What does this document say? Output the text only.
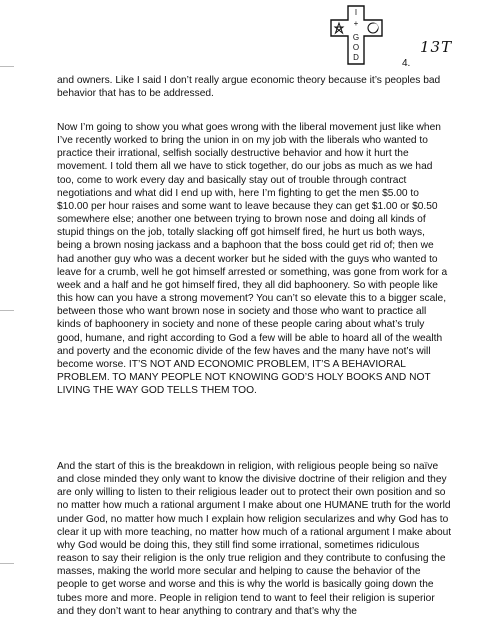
I + G O D
13T
4.

and owners. Like I said I don’t really argue economic theory because it’s peoples bad behavior that has to be addressed.

Now I’m going to show you what goes wrong with the liberal movement just like when I’ve recently worked to bring the union in on my job with the liberals who wanted to practice their irrational, selfish socially destructive behavior and how it hurt the movement. I told them all we have to stick together, do our jobs as much as we had too, come to work every day and basically stay out of trouble through contract negotiations and what did I end up with, here I’m fighting to get the men $5.00 to $10.00 per hour raises and some want to leave because they can get $1.00 or $0.50 somewhere else; another one between trying to brown nose and doing all kinds of stupid things on the job, totally slacking off got himself fired, he hurt us both ways, being a brown nosing jackass and a baphoon that the boss could get rid of; then we had another guy who was a decent worker but he sided with the guys who wanted to leave for a crumb, well he got himself arrested or something, was gone from work for a week and a half and he got himself fired, they all did baphoonery. So with people like this how can you have a strong movement? You can’t so elevate this to a bigger scale, between those who want brown nose in society and those who want to practice all kinds of baphoonery in society and none of these people caring about what’s truly good, humane, and right according to God a few will be able to hoard all of the wealth and poverty and the economic divide of the few haves and the many have not’s will become worse. IT’S NOT AND ECONOMIC PROBLEM, IT’S A BEHAVIORAL PROBLEM. TO MANY PEOPLE NOT KNOWING GOD’S HOLY BOOKS AND NOT LIVING THE WAY GOD TELLS THEM TOO.

And the start of this is the breakdown in religion, with religious people being so naïve and close minded they only want to know the divisive doctrine of their religion and they are only willing to listen to their religious leader out to protect their own position and so no matter how much a rational argument I make about one HUMANE truth for the world under God, no matter how much I explain how religion secularizes and why God has to clear it up with more teaching, no matter how much of a rational argument I make about why God would be doing this, they still find some irrational, sometimes ridiculous reason to say their religion is the only true religion and they contribute to confusing the masses, making the world more secular and helping to cause the behavior of the people to get worse and worse and this is why the world is basically going down the tubes more and more. People in religion tend to want to feel their religion is superior and they don’t want to hear anything to contrary and that’s why the
